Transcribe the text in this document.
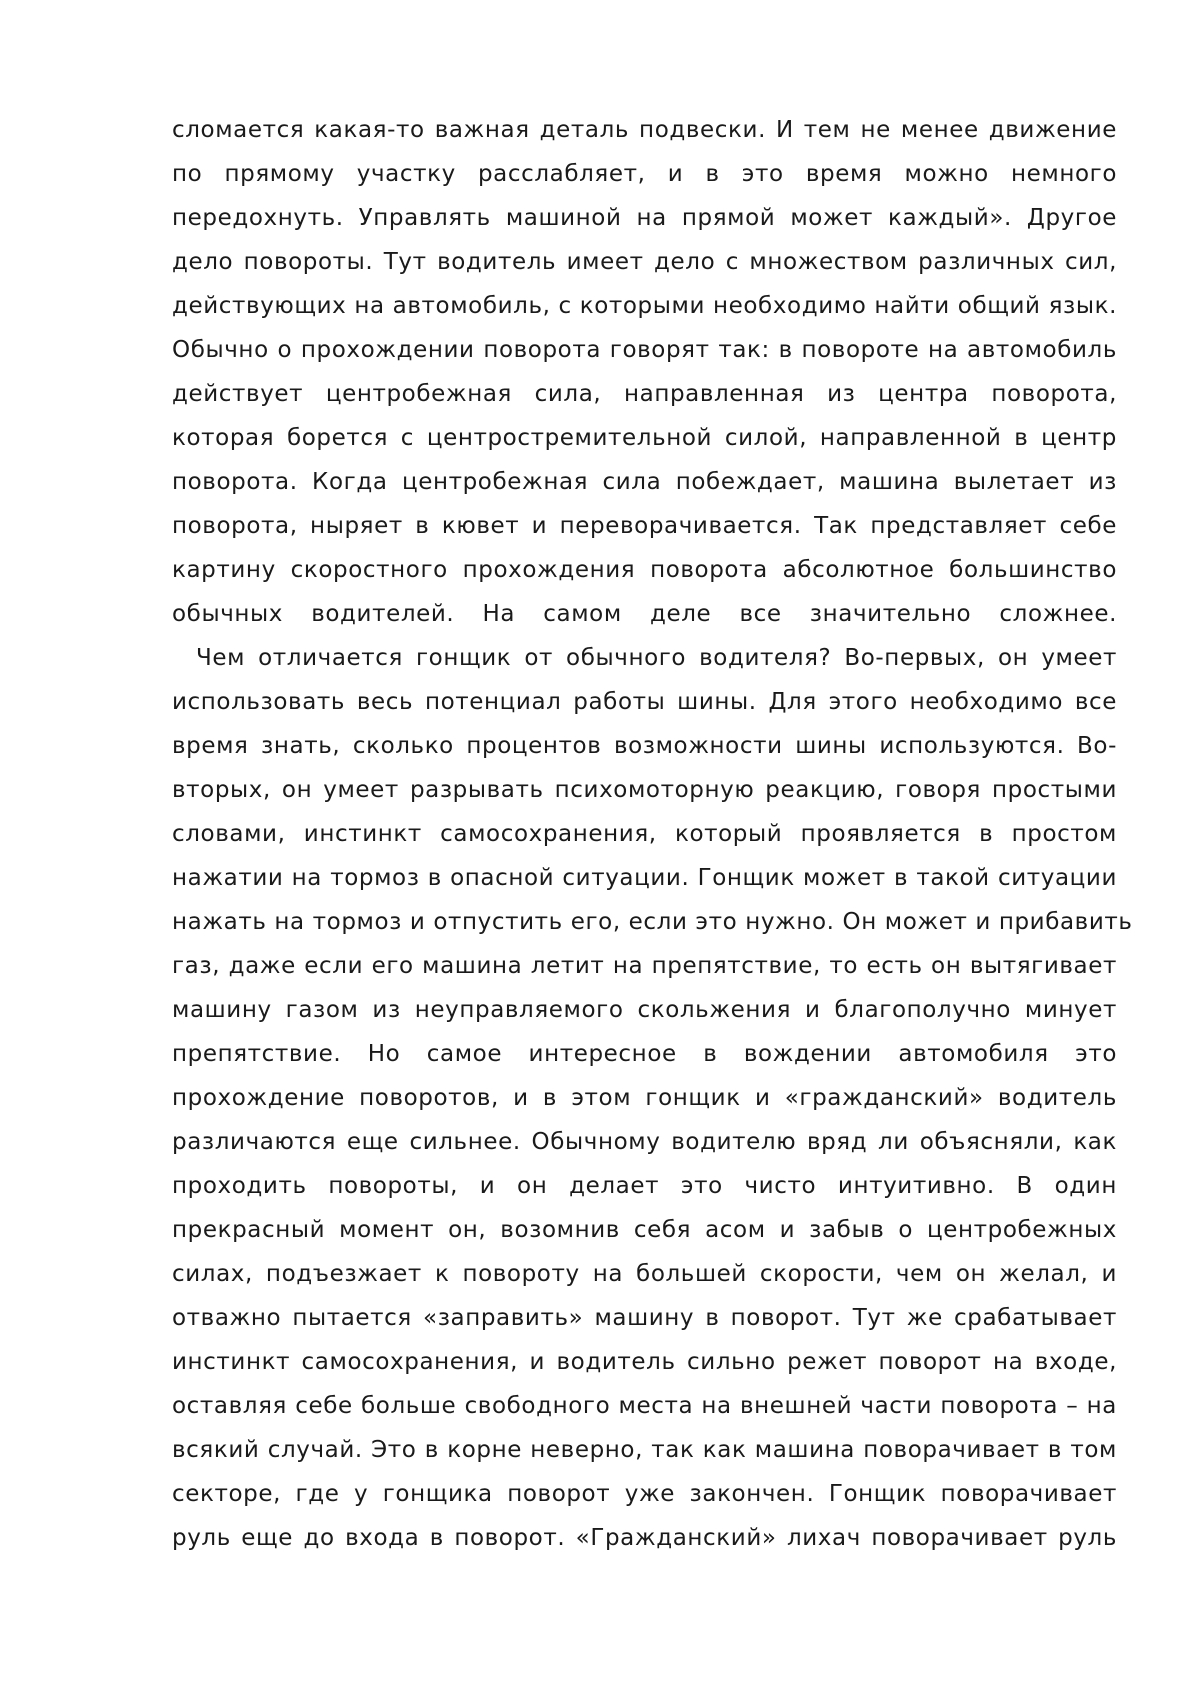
сломается какая-то важная деталь подвески. И тем не менее движение
по прямому участку расслабляет, и в это время можно немного
передохнуть. Управлять машиной на прямой может каждый». Другое
дело повороты. Тут водитель имеет дело с множеством различных сил,
действующих на автомобиль, с которыми необходимо найти общий язык.
Обычно о прохождении поворота говорят так: в повороте на автомобиль
действует центробежная сила, направленная из центра поворота,
которая борется с центростремительной силой, направленной в центр
поворота. Когда центробежная сила побеждает, машина вылетает из
поворота, ныряет в кювет и переворачивается. Так представляет себе
картину скоростного прохождения поворота абсолютное большинство
обычных водителей. На самом деле все значительно сложнее.
Чем отличается гонщик от обычного водителя? Во-первых, он умеет
использовать весь потенциал работы шины. Для этого необходимо все
время знать, сколько процентов возможности шины используются. Во-
вторых, он умеет разрывать психомоторную реакцию, говоря простыми
словами, инстинкт самосохранения, который проявляется в простом
нажатии на тормоз в опасной ситуации. Гонщик может в такой ситуации
нажать на тормоз и отпустить его, если это нужно. Он может и прибавить
газ, даже если его машина летит на препятствие, то есть он вытягивает
машину газом из неуправляемого скольжения и благополучно минует
препятствие. Но самое интересное в вождении автомобиля это
прохождение поворотов, и в этом гонщик и «гражданский» водитель
различаются еще сильнее. Обычному водителю вряд ли объясняли, как
проходить повороты, и он делает это чисто интуитивно. В один
прекрасный момент он, возомнив себя асом и забыв о центробежных
силах, подъезжает к повороту на большей скорости, чем он желал, и
отважно пытается «заправить» машину в поворот. Тут же срабатывает
инстинкт самосохранения, и водитель сильно режет поворот на входе,
оставляя себе больше свободного места на внешней части поворота – на
всякий случай. Это в корне неверно, так как машина поворачивает в том
секторе, где у гонщика поворот уже закончен. Гонщик поворачивает
руль еще до входа в поворот. «Гражданский» лихач поворачивает руль
